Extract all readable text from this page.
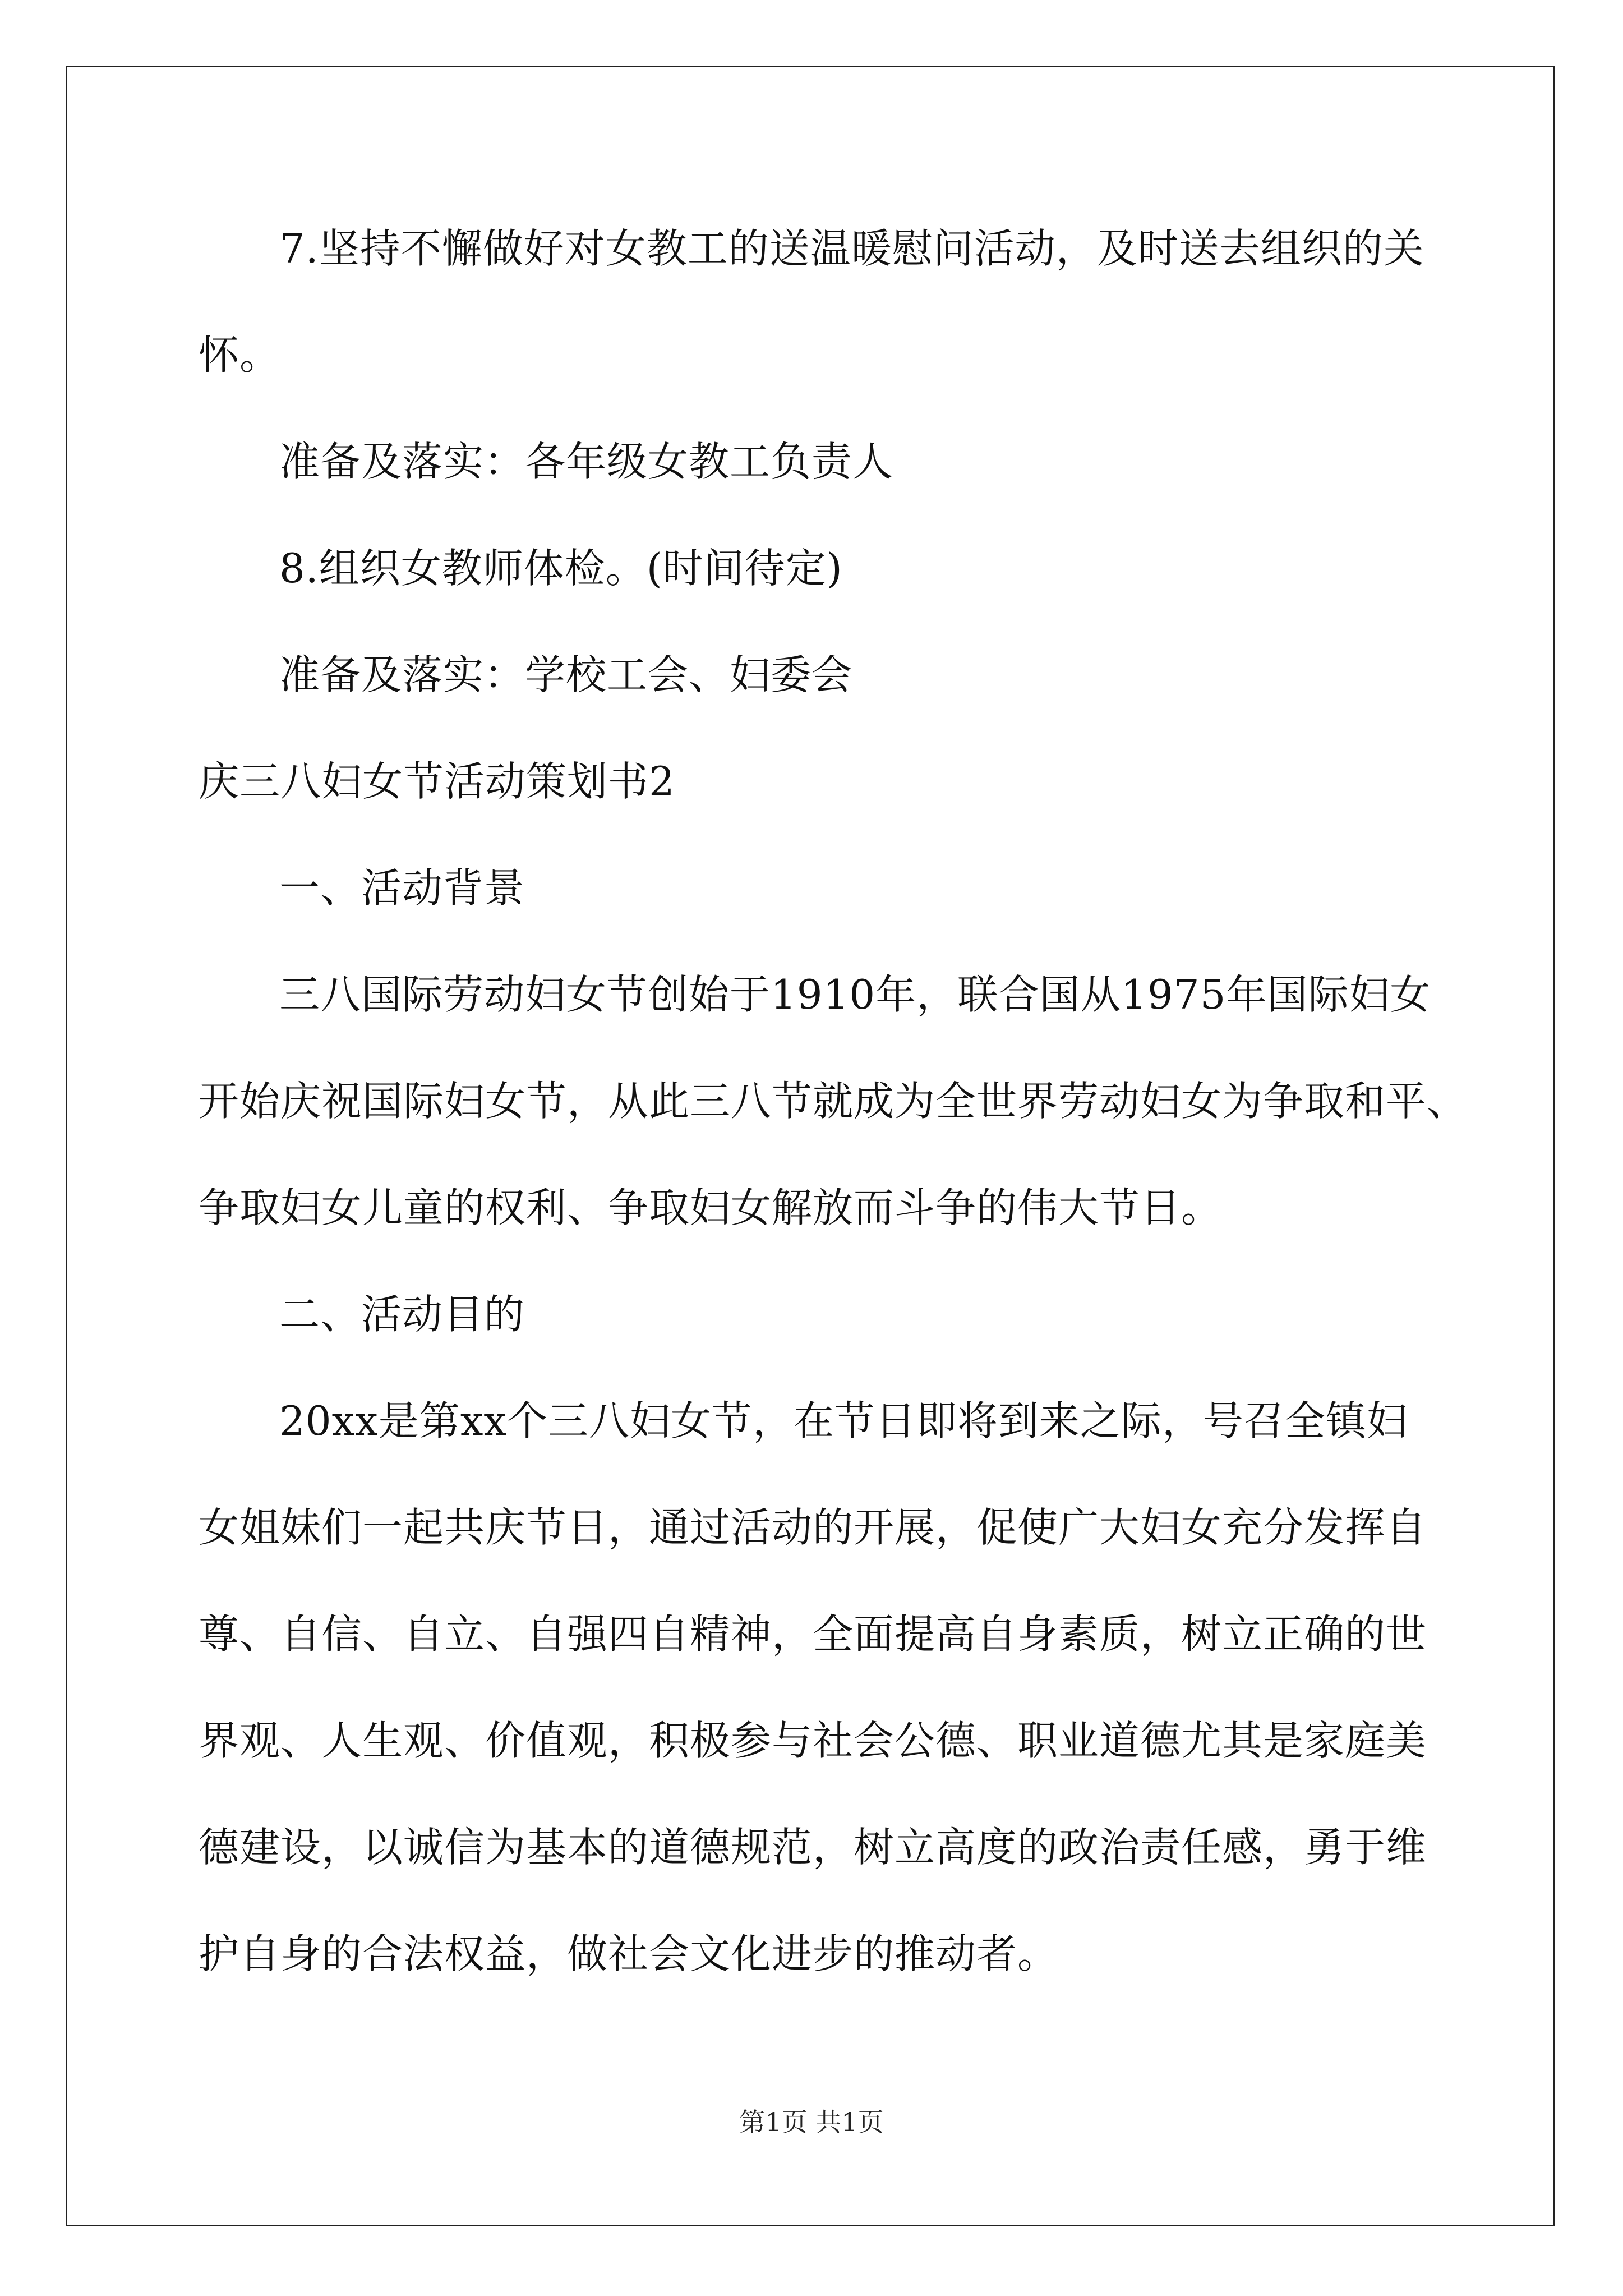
7.坚持不懈做好对女教工的送温暖慰问活动，及时送去组织的关
怀。
准备及落实：各年级女教工负责人
8.组织女教师体检。(时间待定)
准备及落实：学校工会、妇委会
庆三八妇女节活动策划书2
一、活动背景
三八国际劳动妇女节创始于1910年，联合国从1975年国际妇女
开始庆祝国际妇女节，从此三八节就成为全世界劳动妇女为争取和平、
争取妇女儿童的权利、争取妇女解放而斗争的伟大节日。
二、活动目的
20xx是第xx个三八妇女节，在节日即将到来之际，号召全镇妇
女姐妹们一起共庆节日，通过活动的开展，促使广大妇女充分发挥自
尊、自信、自立、自强四自精神，全面提高自身素质，树立正确的世
界观、人生观、价值观，积极参与社会公德、职业道德尤其是家庭美
德建设，以诚信为基本的道德规范，树立高度的政治责任感，勇于维
护自身的合法权益，做社会文化进步的推动者。
第1页 共1页
